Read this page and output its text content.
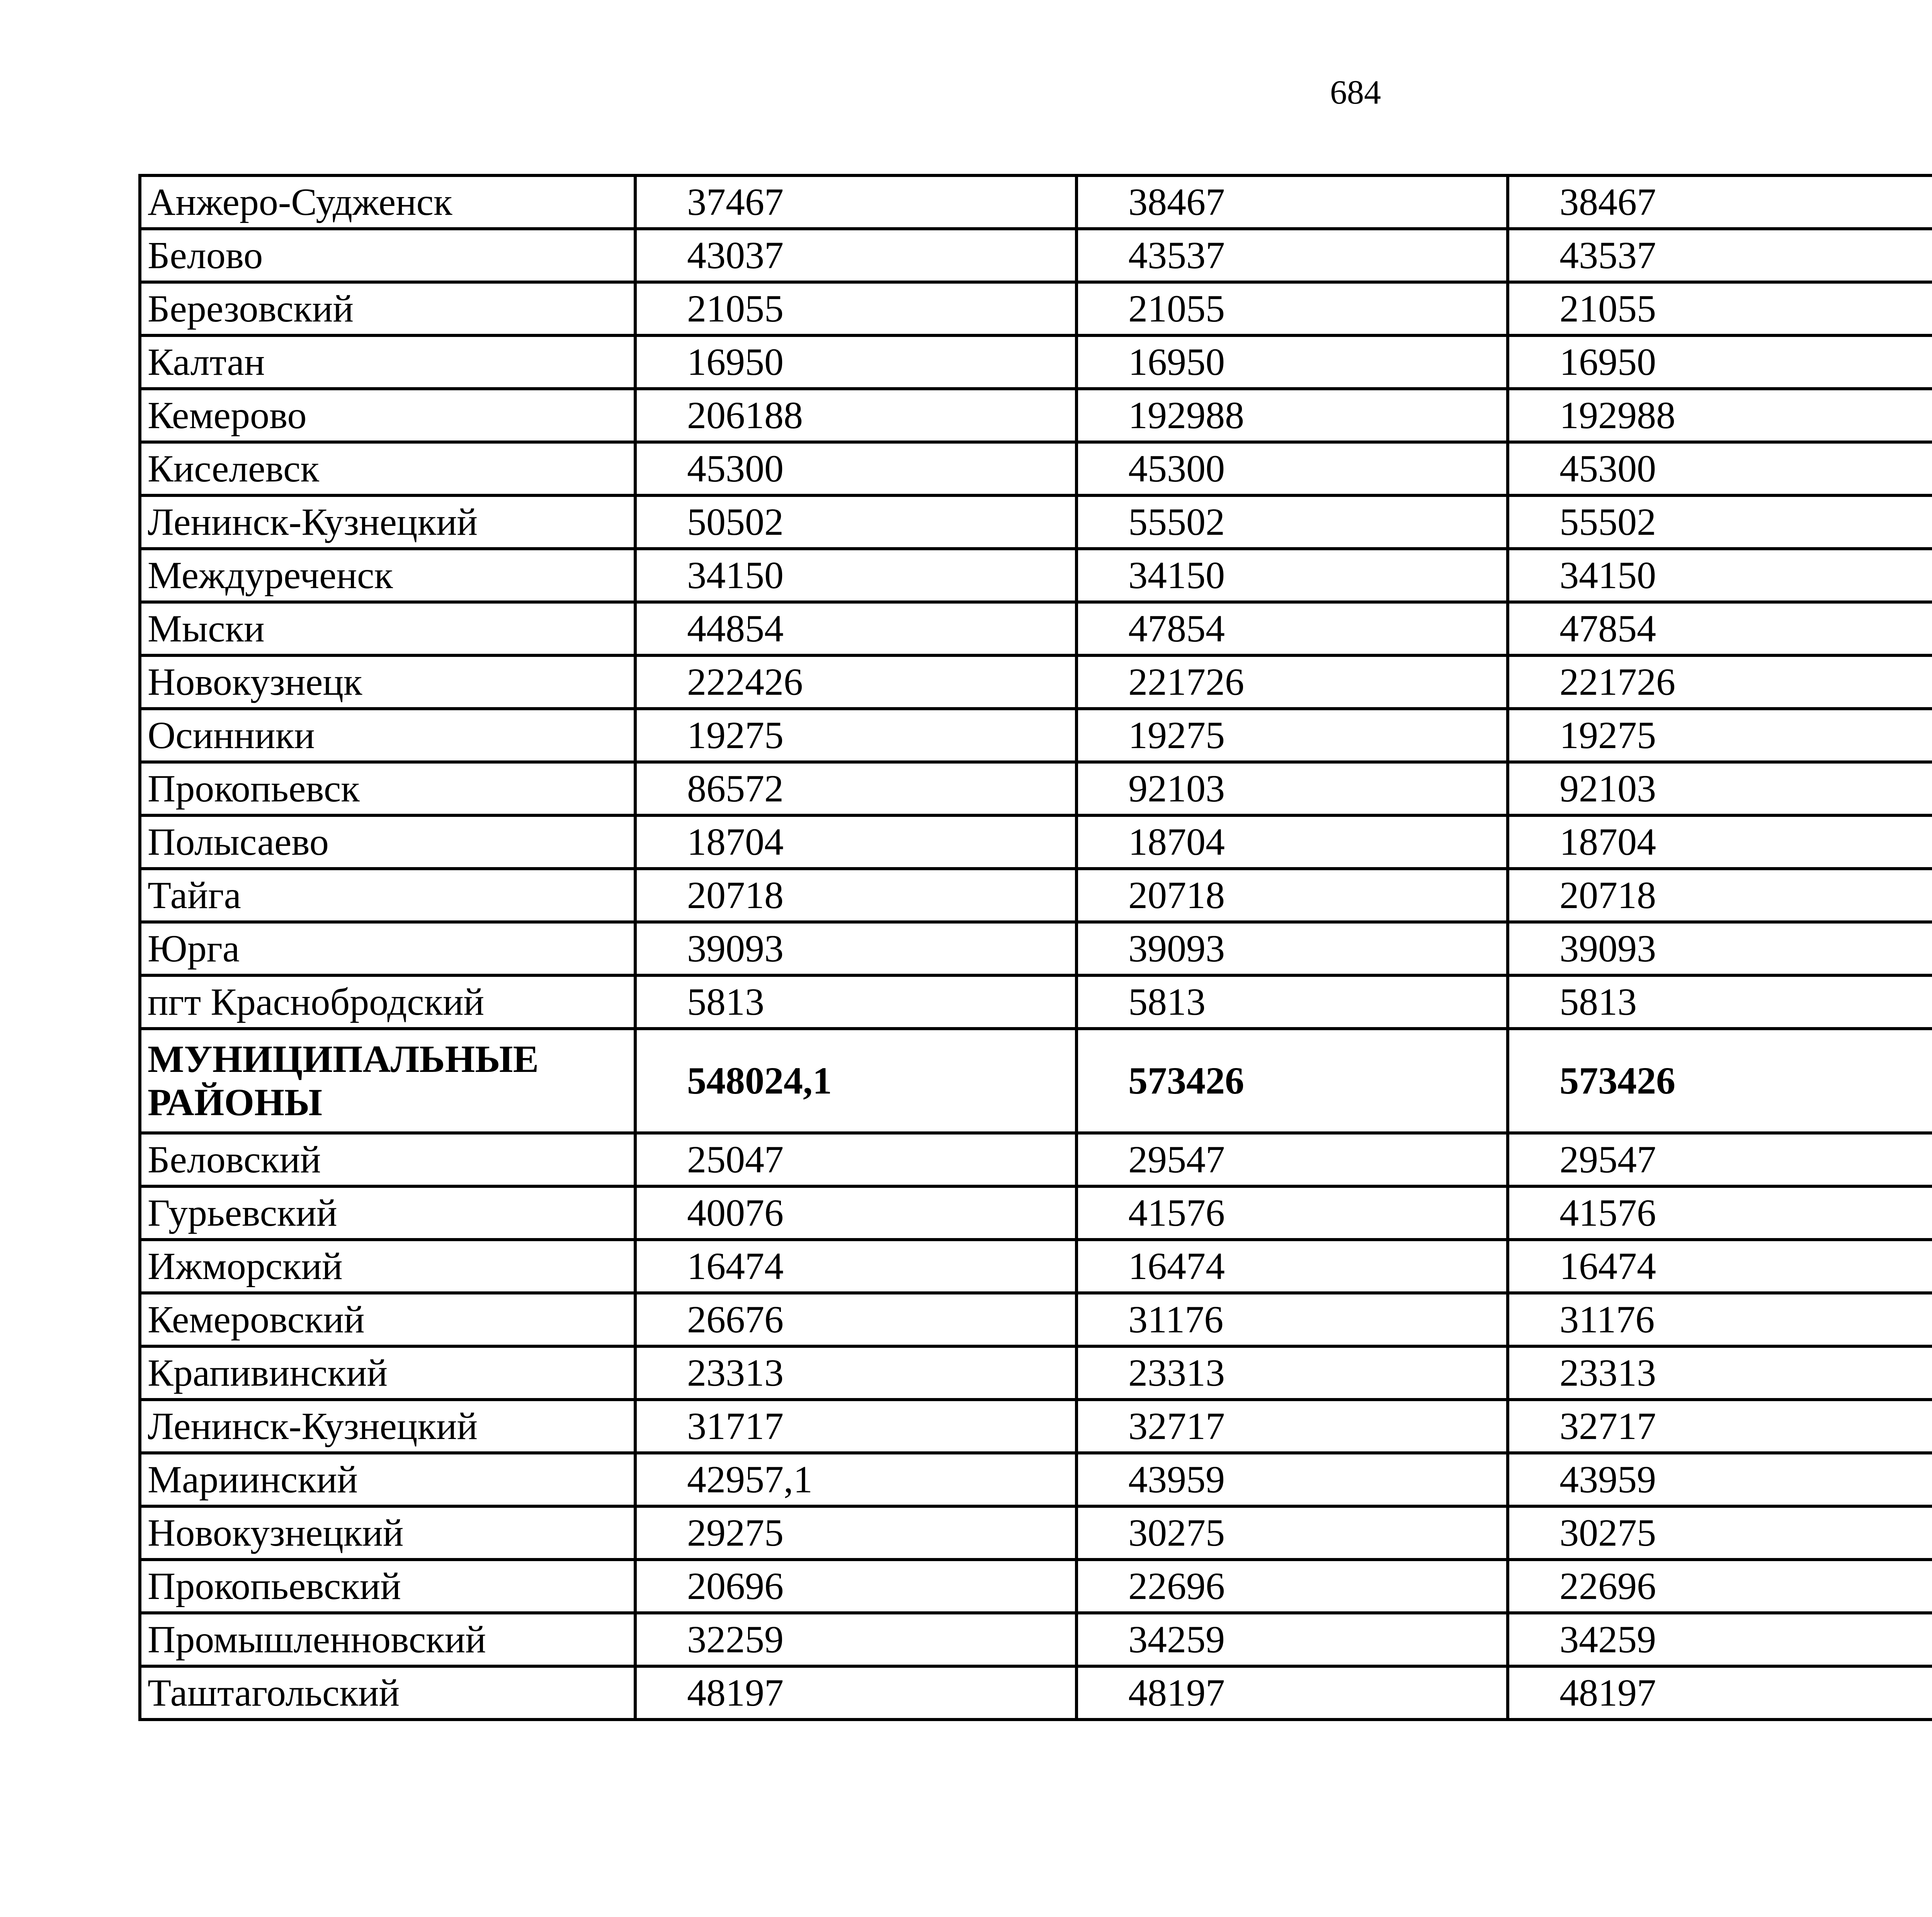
684
Анжеро-Судженск	37467	38467	38467			
Белово	43037	43537	43537			
Березовский	21055	21055	21055			
Калтан	16950	16950	16950			
Кемерово	206188	192988	192988			
Киселевск	45300	45300	45300			
Ленинск-Кузнецкий	50502	55502	55502			
Междуреченск	34150	34150	34150			
Мыски	44854	47854	47854			
Новокузнецк	222426	221726	221726			
Осинники	19275	19275	19275			
Прокопьевск	86572	92103	92103			
Полысаево	18704	18704	18704			
Тайга	20718	20718	20718			
Юрга	39093	39093	39093			
пгт Краснобродский	5813	5813	5813			
МУНИЦИПАЛЬНЫЕ РАЙОНЫ	548024,1	573426	573426			
Беловский	25047	29547	29547			
Гурьевский	40076	41576	41576			
Ижморский	16474	16474	16474			
Кемеровский	26676	31176	31176			
Крапивинский	23313	23313	23313			
Ленинск-Кузнецкий	31717	32717	32717			
Мариинский	42957,1	43959	43959			
Новокузнецкий	29275	30275	30275			
Прокопьевский	20696	22696	22696			
Промышленновский	32259	34259	34259			
Таштагольский	48197	48197	48197			
